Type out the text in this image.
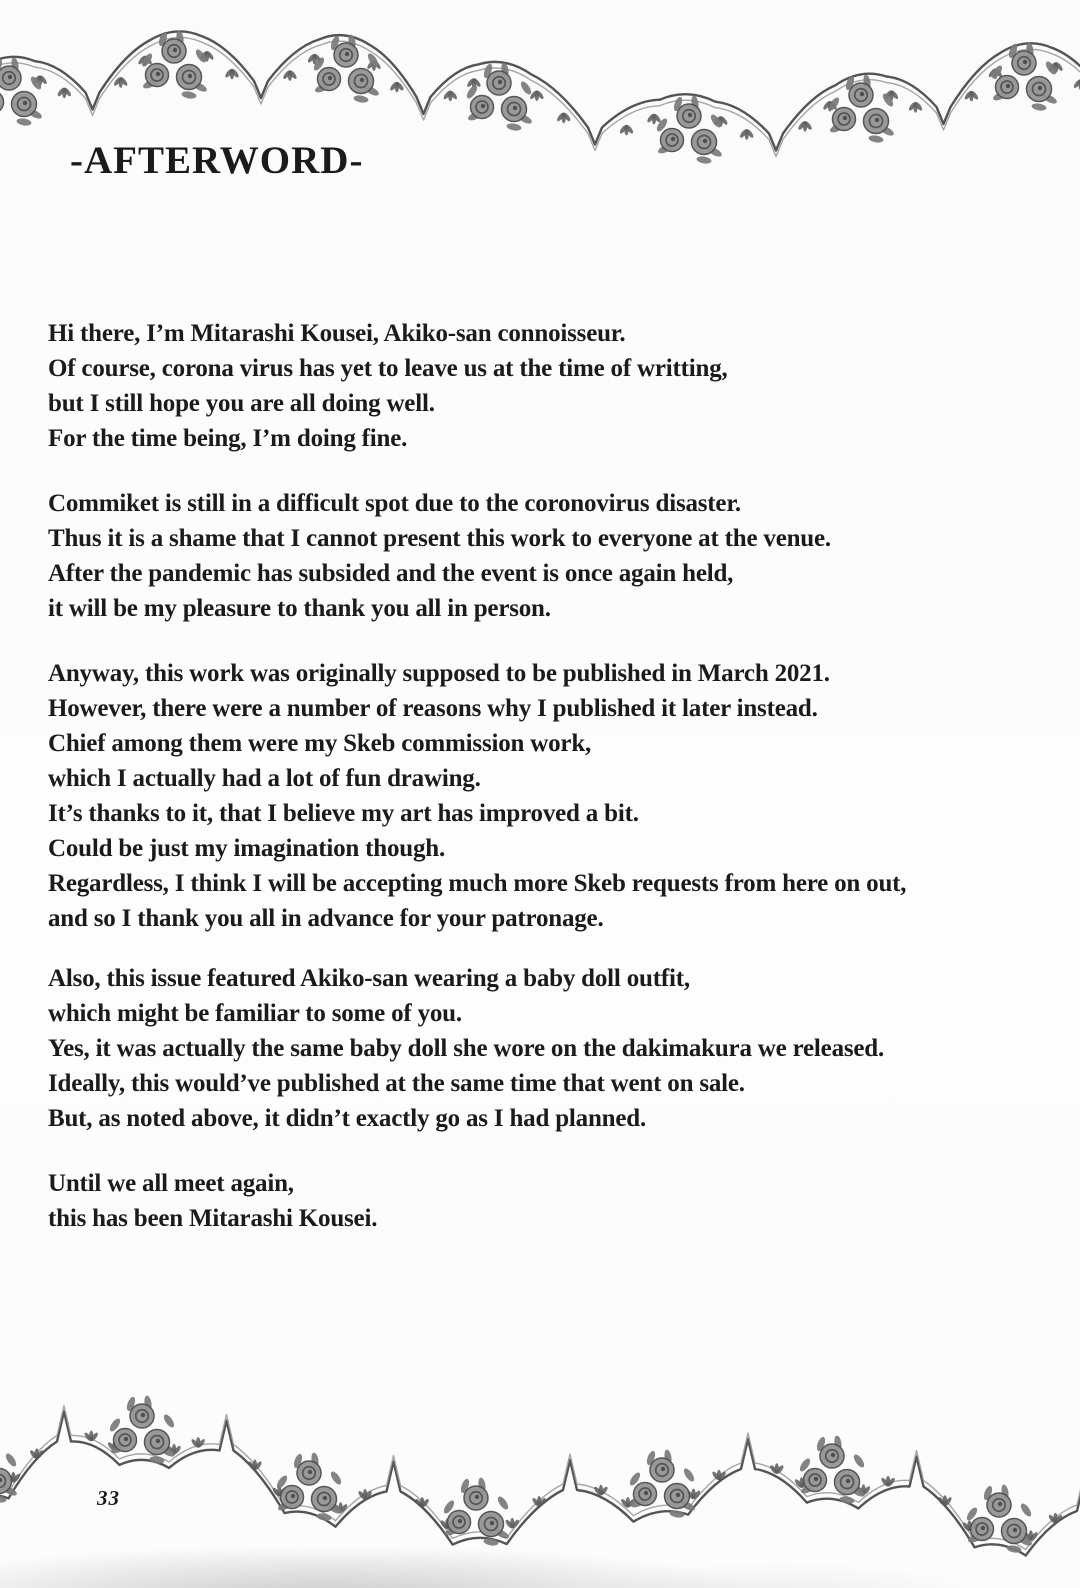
-AFTERWORD-
Hi there, I’m Mitarashi Kousei, Akiko-san connoisseur.
Of course, corona virus has yet to leave us at the time of writting,
but I still hope you are all doing well.
For the time being, I’m doing fine.
Commiket is still in a difficult spot due to the coronovirus disaster.
Thus it is a shame that I cannot present this work to everyone at the venue.
After the pandemic has subsided and the event is once again held,
it will be my pleasure to thank you all in person.
Anyway, this work was originally supposed to be published in March 2021.
However, there were a number of reasons why I published it later instead.
Chief among them were my Skeb commission work,
which I actually had a lot of fun drawing.
It’s thanks to it, that I believe my art has improved a bit.
Could be just my imagination though.
Regardless, I think I will be accepting much more Skeb requests from here on out,
and so I thank you all in advance for your patronage.
Also, this issue featured Akiko-san wearing a baby doll outfit,
which might be familiar to some of you.
Yes, it was actually the same baby doll she wore on the dakimakura we released.
Ideally, this would’ve published at the same time that went on sale.
But, as noted above, it didn’t exactly go as I had planned.
Until we all meet again,
this has been Mitarashi Kousei.
33
